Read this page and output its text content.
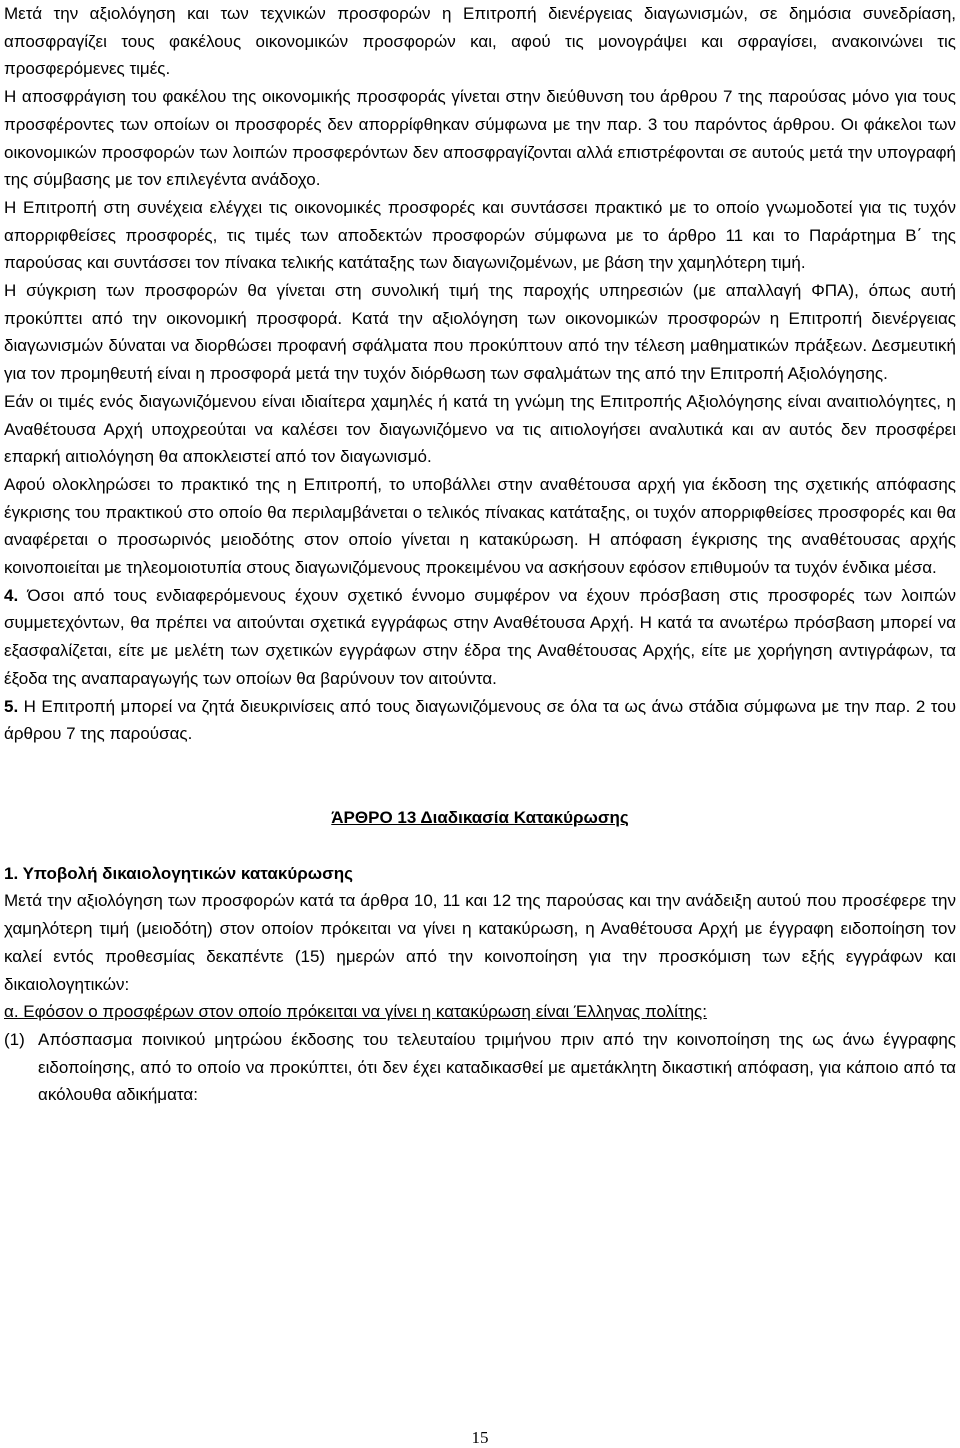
Μετά την αξιολόγηση και των τεχνικών προσφορών η Επιτροπή διενέργειας διαγωνισμών, σε δημόσια συνεδρίαση, αποσφραγίζει τους φακέλους οικονομικών προσφορών και, αφού τις μονογράψει και σφραγίσει, ανακοινώνει τις προσφερόμενες τιμές.

Η αποσφράγιση του φακέλου της οικονομικής προσφοράς γίνεται στην διεύθυνση του άρθρου 7 της παρούσας μόνο για τους προσφέροντες των οποίων οι προσφορές δεν απορρίφθηκαν σύμφωνα με την παρ. 3 του παρόντος άρθρου. Οι φάκελοι των οικονομικών προσφορών των λοιπών προσφερόντων δεν αποσφραγίζονται αλλά επιστρέφονται σε αυτούς μετά την υπογραφή της σύμβασης με τον επιλεγέντα ανάδοχο.

Η Επιτροπή στη συνέχεια ελέγχει τις οικονομικές προσφορές και συντάσσει πρακτικό με το οποίο γνωμοδοτεί για τις τυχόν απορριφθείσες προσφορές, τις τιμές των αποδεκτών προσφορών σύμφωνα με το άρθρο 11 και το Παράρτημα Β΄ της παρούσας και συντάσσει τον πίνακα τελικής κατάταξης των διαγωνιζομένων, με βάση την χαμηλότερη τιμή.

Η σύγκριση των προσφορών θα γίνεται στη συνολική τιμή της παροχής υπηρεσιών (με απαλλαγή ΦΠΑ), όπως αυτή προκύπτει από την οικονομική προσφορά. Κατά την αξιολόγηση των οικονομικών προσφορών η Επιτροπή διενέργειας διαγωνισμών δύναται να διορθώσει προφανή σφάλματα που προκύπτουν από την τέλεση μαθηματικών πράξεων. Δεσμευτική για τον προμηθευτή είναι η προσφορά μετά την τυχόν διόρθωση των σφαλμάτων της από την Επιτροπή Αξιολόγησης.

Εάν οι τιμές ενός διαγωνιζόμενου είναι ιδιαίτερα χαμηλές ή κατά τη γνώμη της Επιτροπής Αξιολόγησης είναι αναιτιολόγητες, η Αναθέτουσα Αρχή υποχρεούται να καλέσει τον διαγωνιζόμενο να τις αιτιολογήσει αναλυτικά και αν αυτός δεν προσφέρει επαρκή αιτιολόγηση θα αποκλειστεί από τον διαγωνισμό.

Αφού ολοκληρώσει το πρακτικό της η Επιτροπή, το υποβάλλει στην αναθέτουσα αρχή για έκδοση της σχετικής απόφασης έγκρισης του πρακτικού στο οποίο θα περιλαμβάνεται ο τελικός πίνακας κατάταξης, οι τυχόν απορριφθείσες προσφορές και θα αναφέρεται ο προσωρινός μειοδότης στον οποίο γίνεται η κατακύρωση. Η απόφαση έγκρισης της αναθέτουσας αρχής κοινοποιείται με τηλεομοιοτυπία στους διαγωνιζόμενους προκειμένου να ασκήσουν εφόσον επιθυμούν τα τυχόν ένδικα μέσα.

4. Όσοι από τους ενδιαφερόμενους έχουν σχετικό έννομο συμφέρον να έχουν πρόσβαση στις προσφορές των λοιπών συμμετεχόντων, θα πρέπει να αιτούνται σχετικά εγγράφως στην Αναθέτουσα Αρχή. Η κατά τα ανωτέρω πρόσβαση μπορεί να εξασφαλίζεται, είτε με μελέτη των σχετικών εγγράφων στην έδρα της Αναθέτουσας Αρχής, είτε με χορήγηση αντιγράφων, τα έξοδα της αναπαραγωγής των οποίων θα βαρύνουν τον αιτούντα.

5. Η Επιτροπή μπορεί να ζητά διευκρινίσεις από τους διαγωνιζόμενους σε όλα τα ως άνω στάδια σύμφωνα με την παρ. 2 του άρθρου 7 της παρούσας.

ΆΡΘΡΟ 13 Διαδικασία Κατακύρωσης

1. Υποβολή δικαιολογητικών κατακύρωσης

Μετά την αξιολόγηση των προσφορών κατά τα άρθρα 10, 11 και 12 της παρούσας και την ανάδειξη αυτού που προσέφερε την χαμηλότερη τιμή (μειοδότη) στον οποίον πρόκειται να γίνει η κατακύρωση, η Αναθέτουσα Αρχή με έγγραφη ειδοποίηση τον καλεί εντός προθεσμίας δεκαπέντε (15) ημερών από την κοινοποίηση για την προσκόμιση των εξής εγγράφων και δικαιολογητικών:

α. Εφόσον ο προσφέρων στον οποίο πρόκειται να γίνει η κατακύρωση είναι Έλληνας πολίτης:

(1) Απόσπασμα ποινικού μητρώου έκδοσης του τελευταίου τριμήνου πριν από την κοινοποίηση της ως άνω έγγραφης ειδοποίησης, από το οποίο να προκύπτει, ότι δεν έχει καταδικασθεί με αμετάκλητη δικαστική απόφαση, για κάποιο από τα ακόλουθα αδικήματα:
15
